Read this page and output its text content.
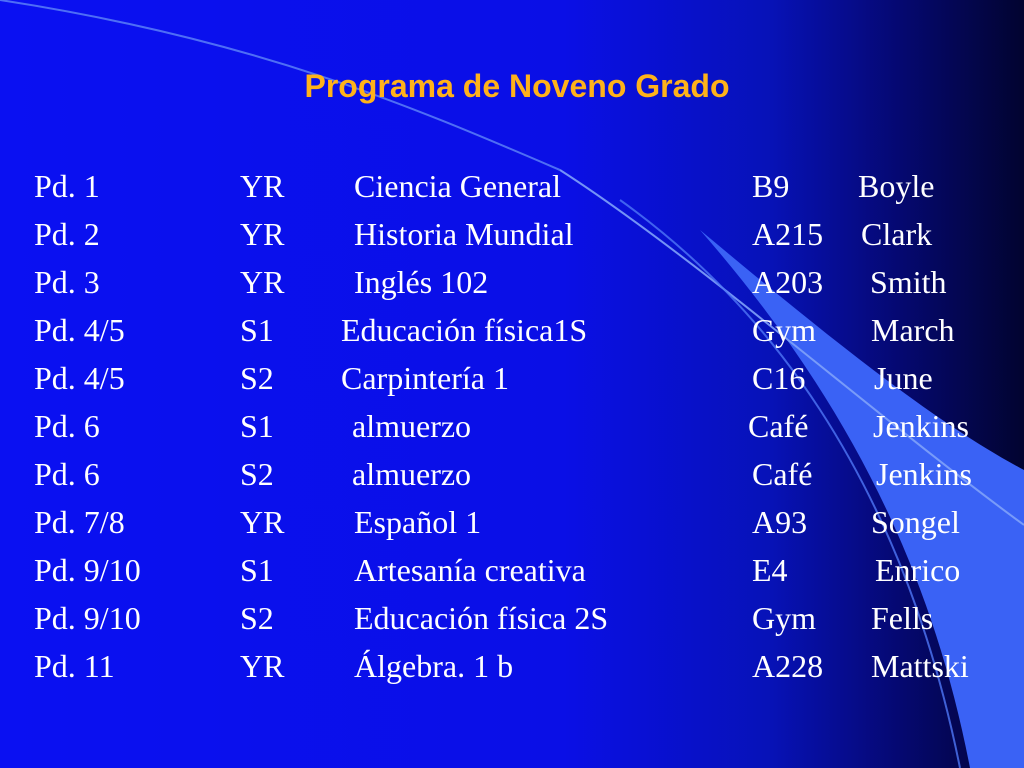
Programa de Noveno Grado
Pd. 1	YR Ciencia General	B9 Boyle
Pd. 2	YR Historia Mundial	A215 Clark
Pd. 3	YR Inglés 102	A203 Smith
Pd. 4/5	S1 Educación física1S	Gym March
Pd. 4/5	S2 Carpintería 1	C16 June
Pd. 6	S1 almuerzo	Café Jenkins
Pd. 6	S2 almuerzo	Café Jenkins
Pd. 7/8	YR Español 1	A93 Songel
Pd. 9/10	S1	Artesanía creativa	E4	Enrico
Pd. 9/10	S2	Educación física 2S	Gym Fells
Pd. 11	YR Álgebra. 1 b	A228 Mattski
